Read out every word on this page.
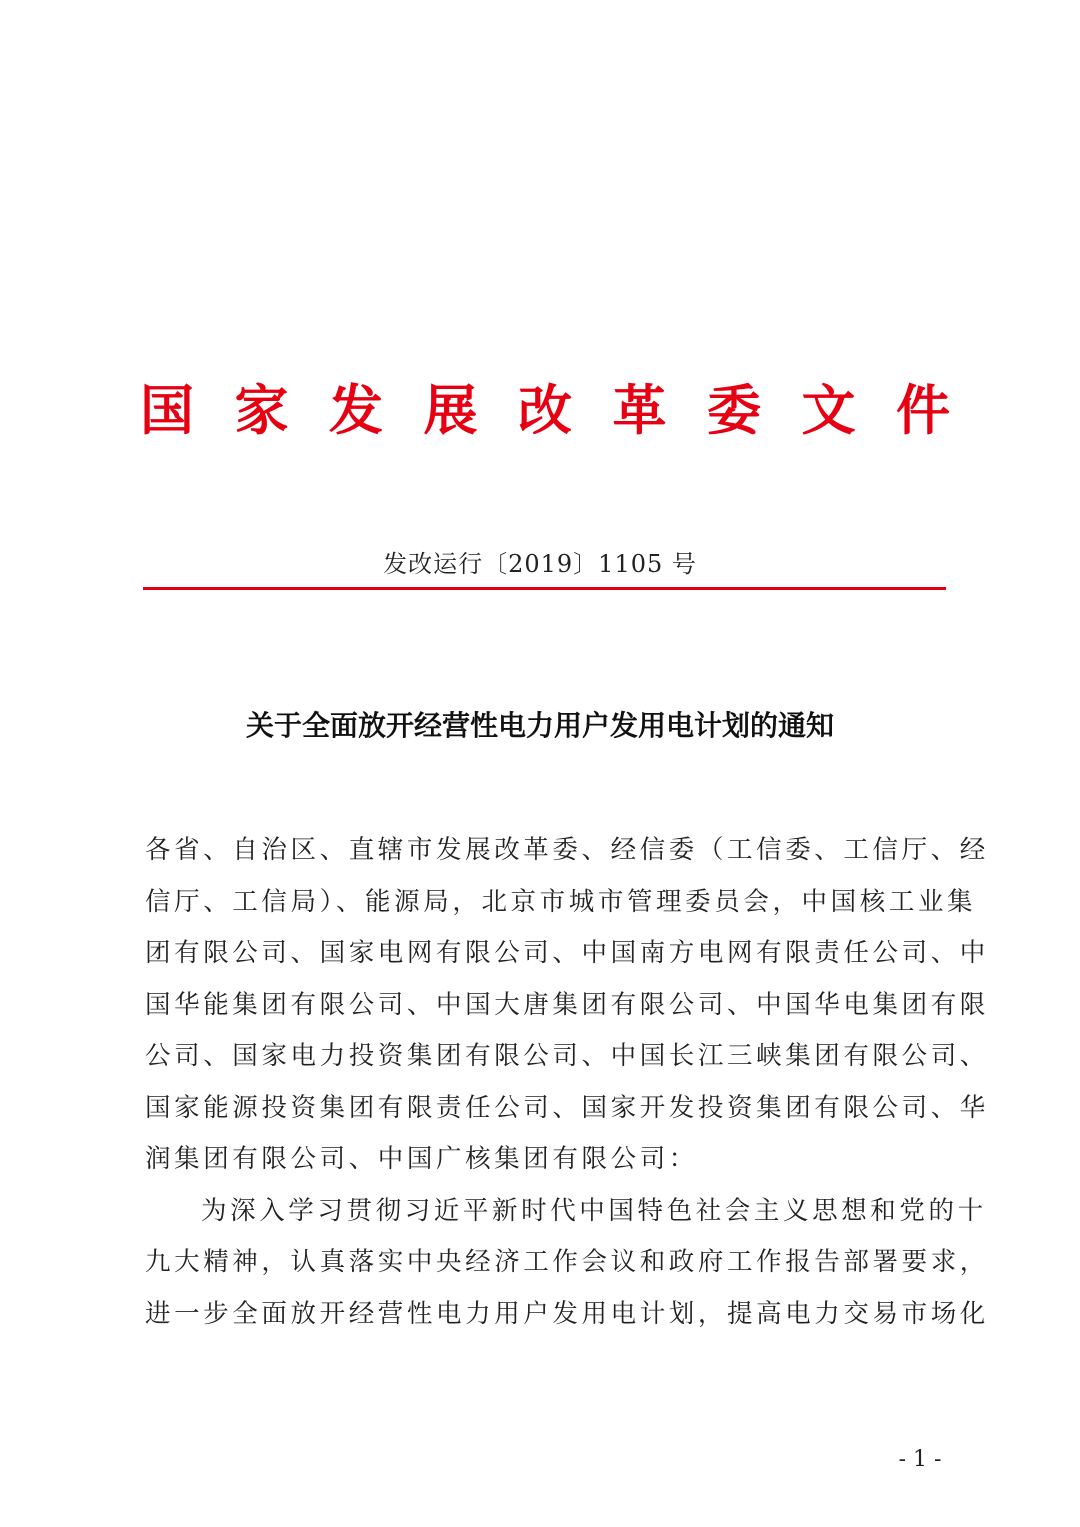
国 家 发 展 改 革 委 文 件
发改运行〔2019〕1105 号
关于全面放开经营性电力用户发用电计划的通知
各省、自治区、直辖市发展改革委、经信委（工信委、工信厅、经
信厅、工信局）、能源局，北京市城市管理委员会，中国核工业集
团有限公司、国家电网有限公司、中国南方电网有限责任公司、中
国华能集团有限公司、中国大唐集团有限公司、中国华电集团有限
公司、国家电力投资集团有限公司、中国长江三峡集团有限公司、
国家能源投资集团有限责任公司、国家开发投资集团有限公司、华
润集团有限公司、中国广核集团有限公司：
为深入学习贯彻习近平新时代中国特色社会主义思想和党的十
九大精神，认真落实中央经济工作会议和政府工作报告部署要求，
进一步全面放开经营性电力用户发用电计划，提高电力交易市场化
- 1 -
